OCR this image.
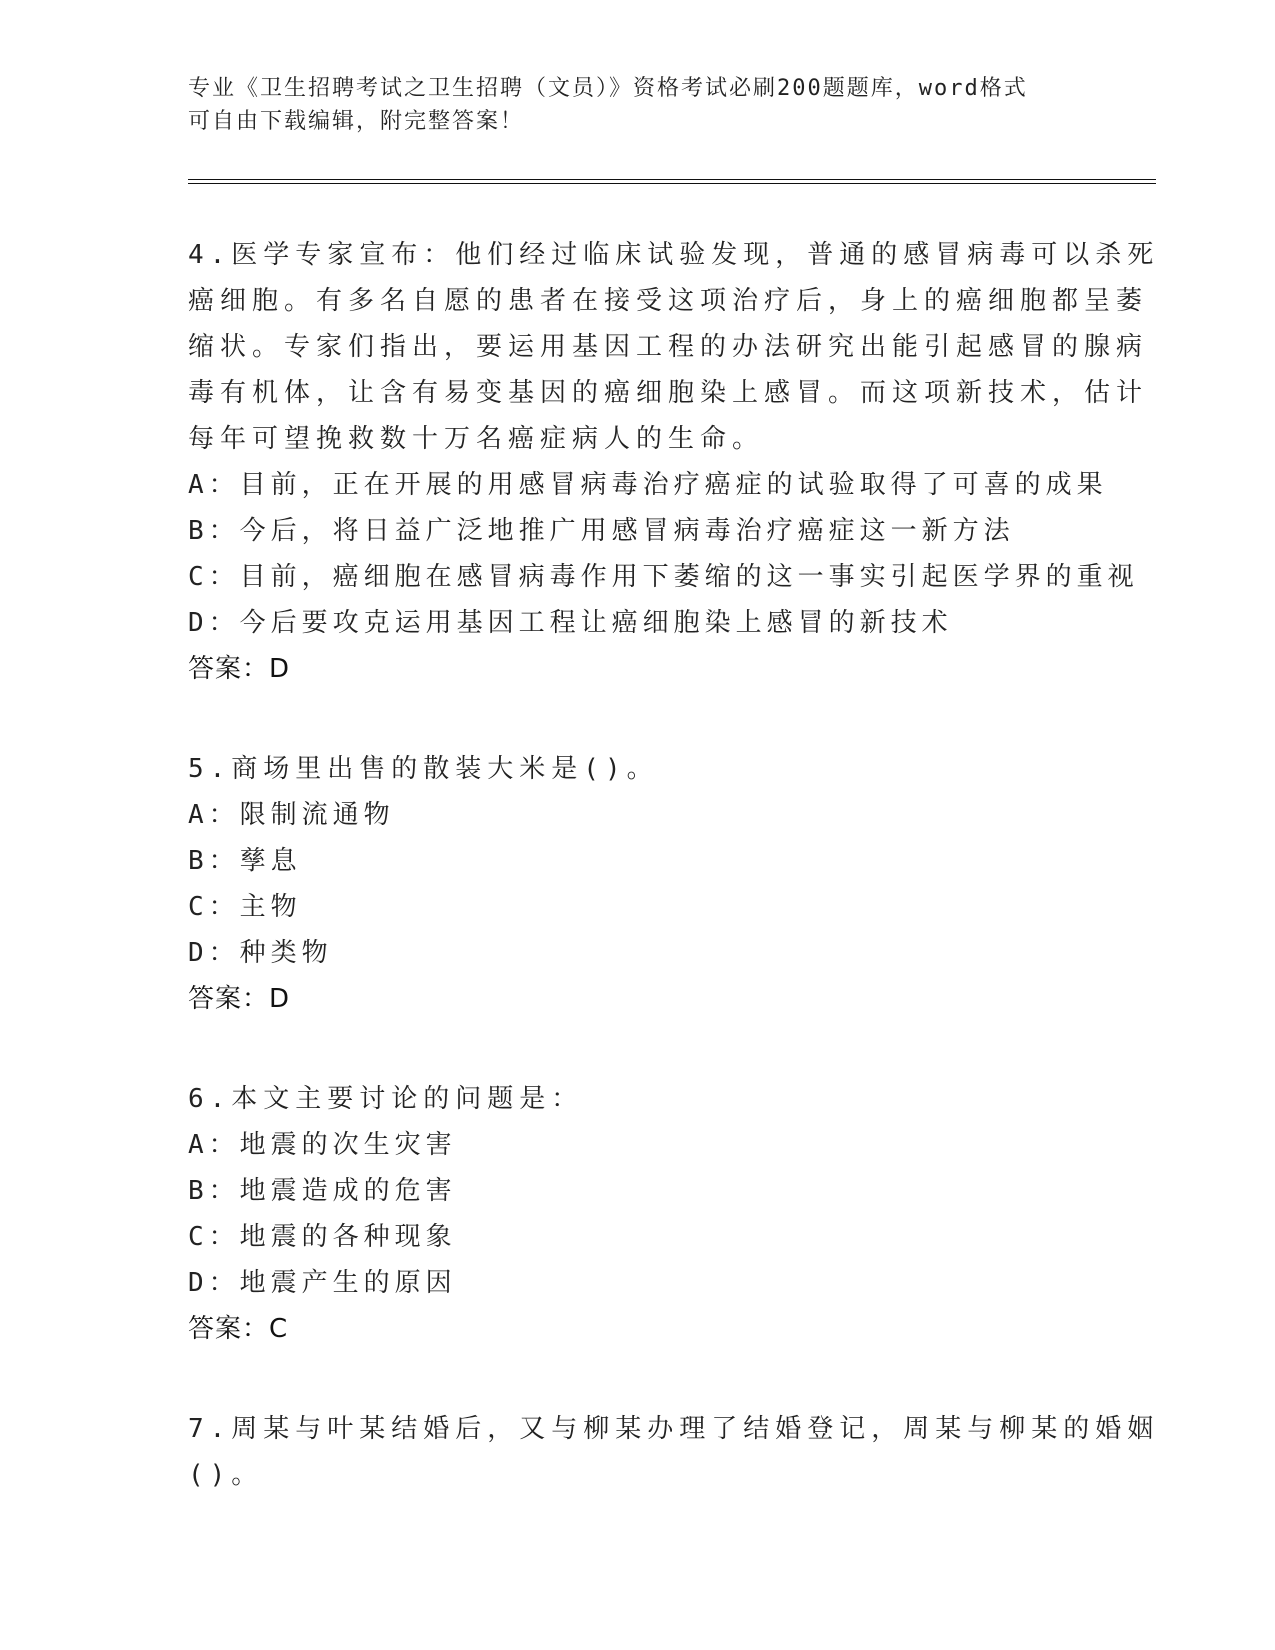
专业《卫生招聘考试之卫生招聘（文员）》资格考试必刷200题题库，word格式
可自由下载编辑，附完整答案！
4.医学专家宣布：他们经过临床试验发现，普通的感冒病毒可以杀死
癌细胞。有多名自愿的患者在接受这项治疗后，身上的癌细胞都呈萎
缩状。专家们指出，要运用基因工程的办法研究出能引起感冒的腺病
毒有机体，让含有易变基因的癌细胞染上感冒。而这项新技术，估计
每年可望挽救数十万名癌症病人的生命。
A：目前，正在开展的用感冒病毒治疗癌症的试验取得了可喜的成果
B：今后，将日益广泛地推广用感冒病毒治疗癌症这一新方法
C：目前，癌细胞在感冒病毒作用下萎缩的这一事实引起医学界的重视
D：今后要攻克运用基因工程让癌细胞染上感冒的新技术
答案：D
5.商场里出售的散装大米是()。
A：限制流通物
B：孳息
C：主物
D：种类物
答案：D
6.本文主要讨论的问题是：
A：地震的次生灾害
B：地震造成的危害
C：地震的各种现象
D：地震产生的原因
答案：C
7.周某与叶某结婚后，又与柳某办理了结婚登记，周某与柳某的婚姻
()。
